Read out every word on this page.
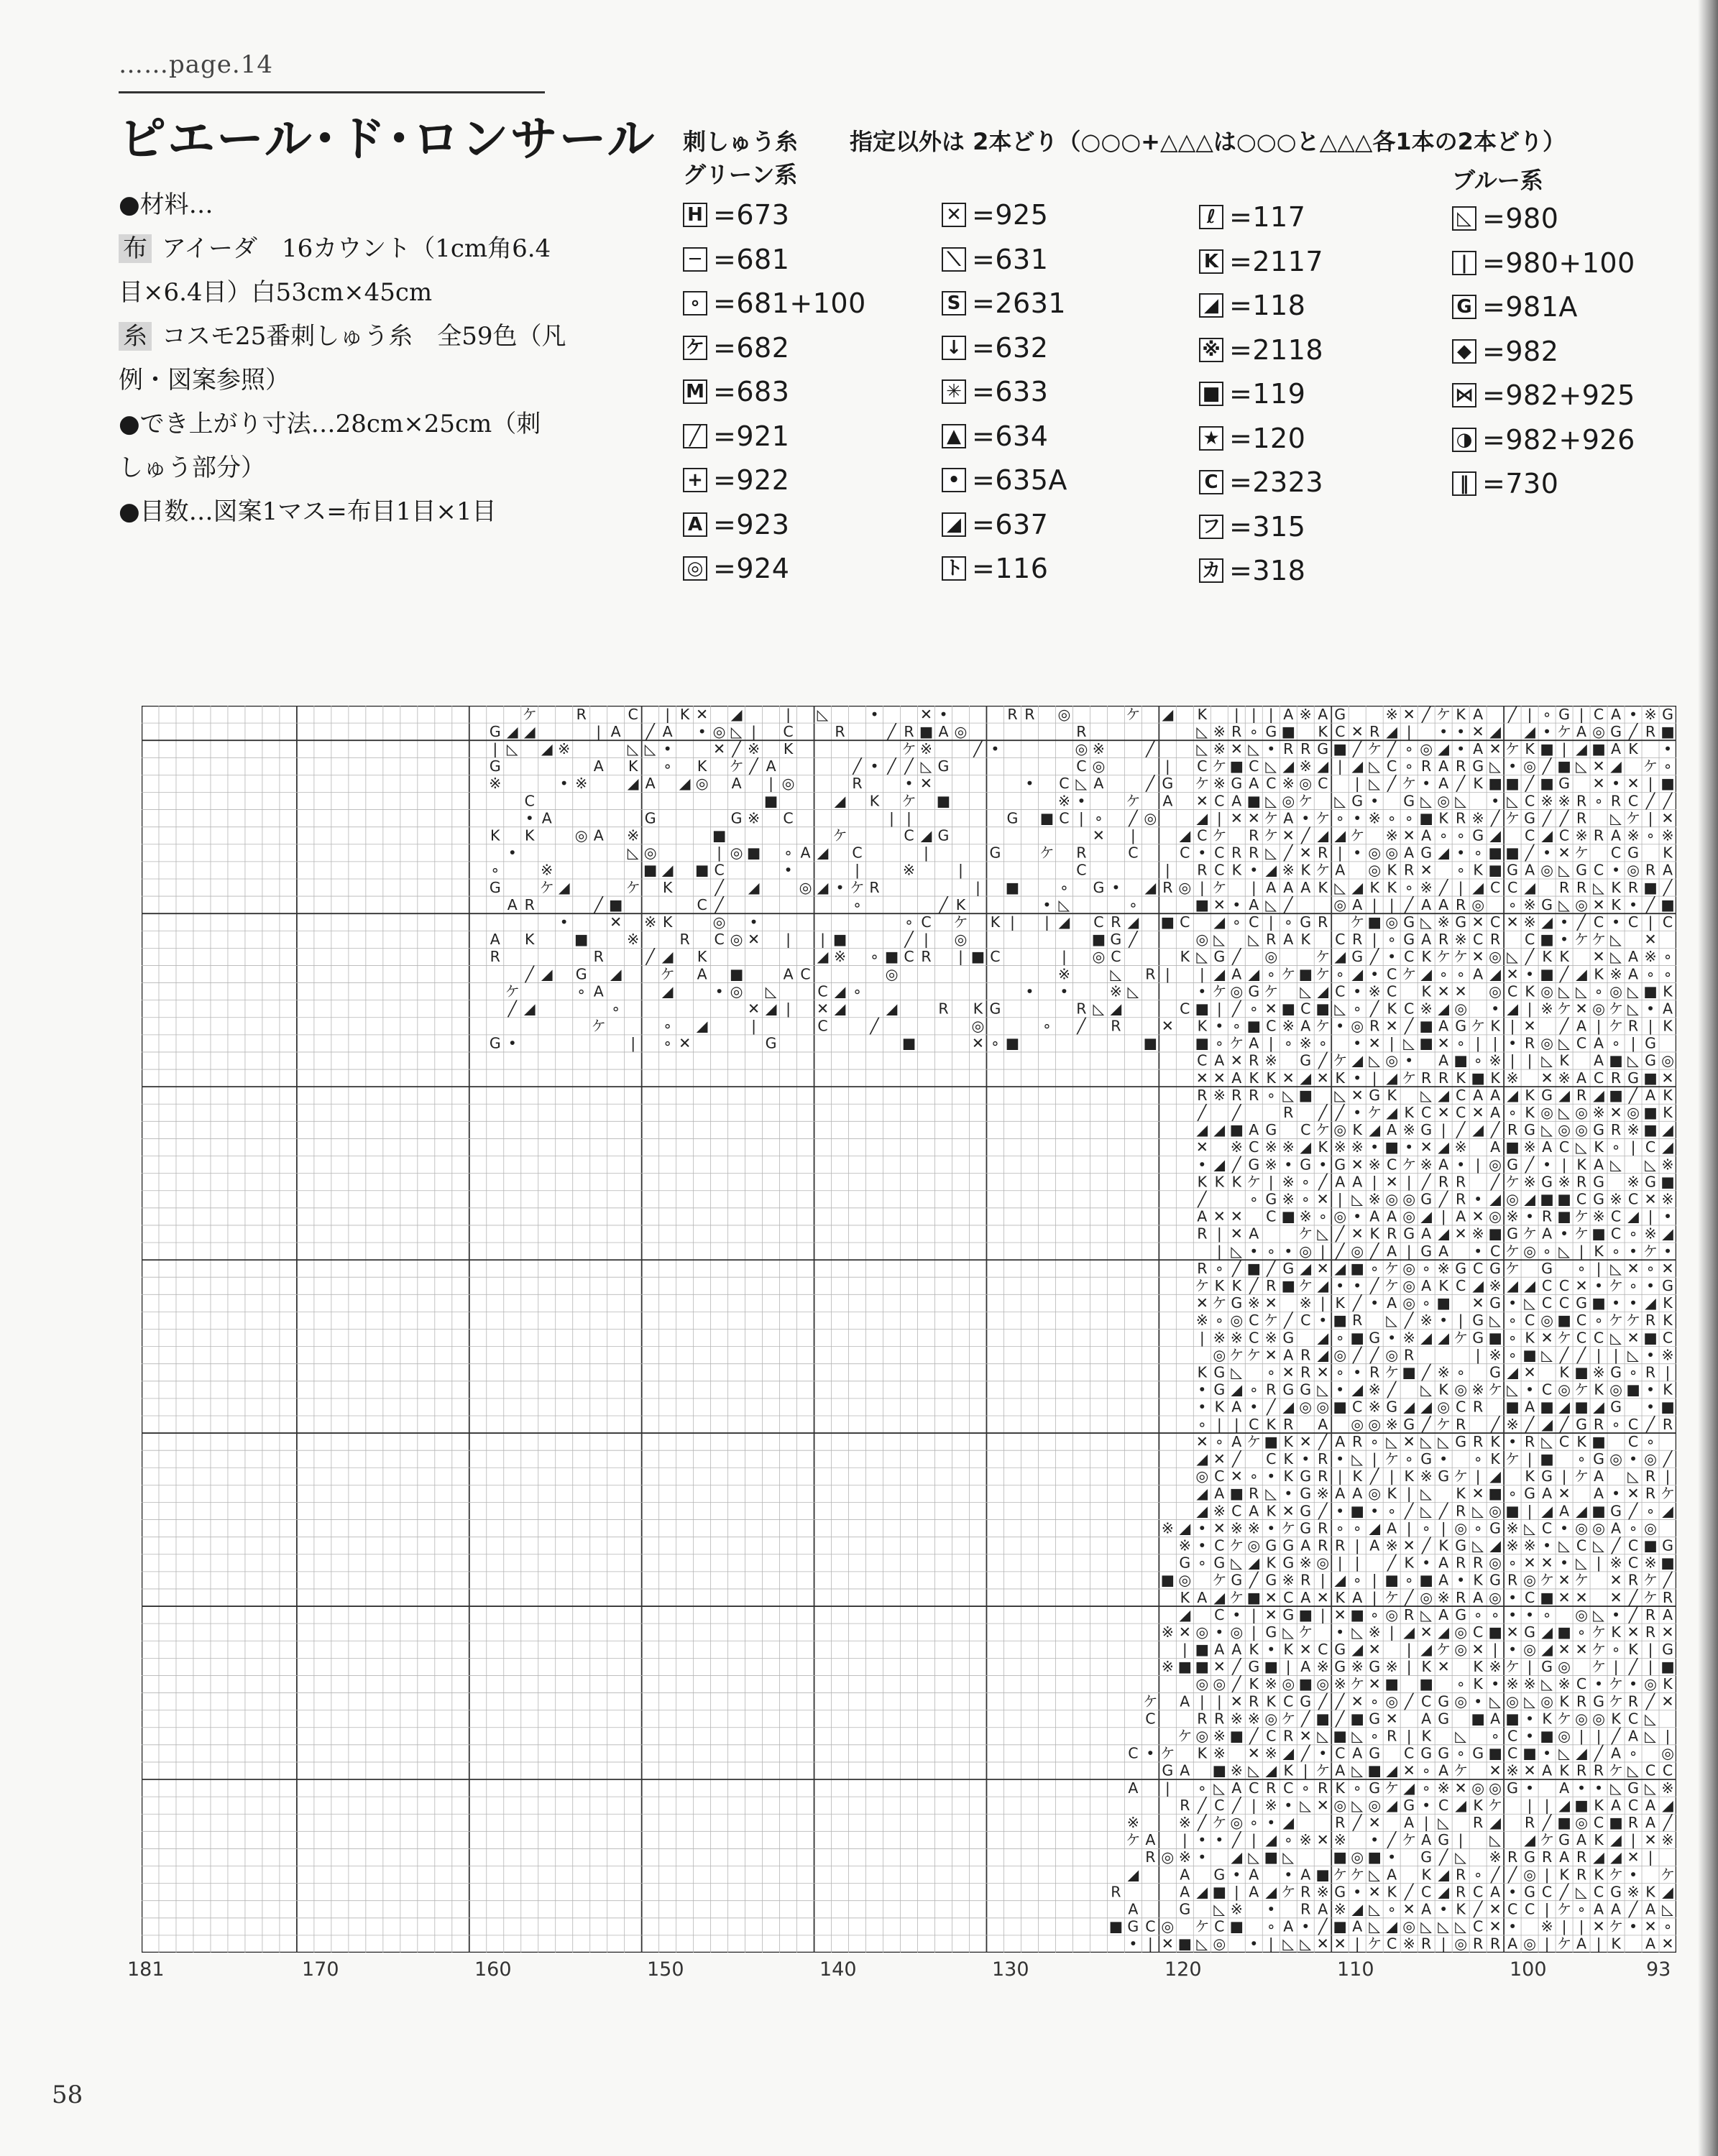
……page.14
ピエール･ド･ロンサール
●材料…
布 アイーダ　16カウント（1cm角6.4
目×6.4目）白53cm×45cm
糸 コスモ25番刺しゅう糸　全59色（凡
例・図案参照）
●でき上がり寸法…28cm×25cm（刺
しゅう部分）
●目数…図案1マス=布目1目×1目
刺しゅう糸 指定以外は 2本どり（○○○+△△△は○○○と△△△各1本の2本どり）
グリーン系	ブルー系
H =673
─ =681
∘ =681+100
ケ =682
M =683
╱ =921
+ =922
A =923
◎ =924
✕ =925
⟍ =631
S =2631
↓ =632
✳ =633
▲ =634
• =635A
◢ =637
ト =116
ℓ =117
K =2117
◢ =118
※ =2118
■ =119
★ =120
C =2323
フ =315
カ =318
◺ =980
| =980+100
G =981A
◆ =982
⋈ =982+925
◑ =982+926
‖ =730
ケ	R	C | K ✕ ◢	| ◺	•	✕ •	R R ◎	ケ ◢ K | | | A ※ A G	※ ✕ ╱ ケ K A ╱ | ∘ G | C A • ※ G
G ◢ ◢	| A ╱ A • ◎ ◺ | C	R	╱ R ■ A ◎	R	◺ ※ R ∘ G ■ K C ✕ R ◢ | • • ✕ ◢ ◢ • ケ A ◎ G ╱ R ■
| ◺ ◢ ※	◺ ◺ •	✕ ╱ ※ K	ケ ※	╱ •	◎ ※	╱	◺ ※ ✕ ◺ • R R G ■ ╱ ケ ╱ ∘ ◎ ◢ • A ✕ ケ K ■ | ◢ ■ A K •
G	A K ∘ K ケ ╱ A	╱ • ╱ ╱ ◺ G	C ◎	| C ケ ■ C ◺ ◢ ※ ◢ | ◢ ◺ C ∘ R A R G ◺ • ◎ ╱ ■ ◺ ✕ ◢ ケ ∘
※	• ※	◢ A ◢ ◎ A | ◎	R	• ✕	• C ◺ A	╱ G ケ ※ G A C ※ ◎ C | ◺ ╱ ケ • A ╱ K ■ ■ ╱ ■ G ✕ • ✕ | ■
C	■	◢ K ケ ■	※ •	ケ A ✕ C A ■ ◺ ◎ ケ ◺ G • G ◺ ◎ ◺ • ◺ C ※ ※ R ∘ R C ╱ ╱
• A	G	G ※ C	| |	G ■ C | ∘ ╱ ◎	◢ | ✕ ✕ ケ A • ケ ∘ • ※ ∘ ∘ ■ K R ※ ╱ ケ G ╱ ╱ R ◺ ケ | ✕
K K	◎ A ※	■	ケ	C ◢ G	✕ |	◢ C ケ R ケ ✕ ╱ ◢ ◢ ケ ※ ✕ A ∘ ∘ G ◢ C ◢ C ※ R A ※ ∘ ※
•	◺ ◎	| ◎ ■ ∘ A ◢ C	|	G	ケ R	C	C • C R R ◺ ╱ ✕ R | • ◎ ◎ A G ◢ • ∘ ■ ■ ╱ • ✕ ケ C G K
∘	※	■ ◢ ■ C	•	|	※	|	C	| R C K • ◢ ※ K ケ A ◎ K R ✕ ∘ K ■ G A ◎ ◺ G C • ◎ R A
G	ケ ◢	ケ K	╱ ◢	◎ ◢ • ケ R	| ■	∘ G • ◢ R ◎ | ケ | A A A K ◺ ◢ K K ∘ ※ ╱ | ◢ C C ◢ R R ◺ K R ■ ╱
A R	╱ ■	C ╱	∘	╱ K	• ◺	∘	■ ✕ • A ◺ ╱	◎ A | | ╱ A A R ◎ ∘ ※ G ◺ ◎ ✕ K • ╱ ■
•	✕ ※ K	◎ •	∘ C ケ K | | ◢ C R ◢ ■ C ◢ ∘ C | ∘ G R ケ ■ ◎ G ◺ ※ G ✕ C ✕ ※ ◢ • ╱ C • C | C
A K	■	※	R C ◎ ✕ | | ■	╱ | ◎	■ G ╱	◎ ◺ ◺ R A K C R | ∘ G A R ※ C R C ■ • ケ ケ ◺ ✕
R	R	╱ ◢ K	◢ ※ ∘ ■ C R | ■ C	| ◎ C	K ◺ G ╱ ◎	ケ ◢ G ╱ • C K ケ ケ ✕ ◎ ◺ ╱ K K ✕ ◺ A ※ ∘
╱ ◢ G ◢	ケ A ■	A C	◎	※	◺ R | | ◢ A ◢ ∘ ケ ■ ケ ∘ ◢ • C ケ ◢ ∘ ∘ A ◢ ✕ • ■ ╱ ◢ K ※ A ∘ ∘
ケ	∘ A	◢	• ◎ ◺	C ◢ ∘	• •	※ ◺	• ケ ◎ G ケ ◺ ◢ C • ※ C K ✕ ✕ ◎ C K ◎ ◺ ◺ ∘ ◎ ◺ ■ K
╱ ◢	∘	✕ ◢ | ✕ ◢	◢	R K G	R ◺ ◢	C ■ | ╱ ∘ ✕ ■ C ■ ◺ ∘ ╱ K C ※ ◢ ◎ • ◢ | ※ ケ ✕ ◎ ケ ◺ • A
ケ	∘ ◢	|	C	╱	◎	∘ ╱ R	✕ K • ∘ ■ C ※ A ケ • ◎ R ✕ ╱ ■ A G ケ K | ✕ ╱ A | ケ R | K
G •	| ∘ ✕	G	■	✕ ∘ ■	■	■ ∘ ケ A | ∘ ※ ∘ • ✕ | ◺ ■ ✕ ∘ | | • R ◎ ◺ C A ∘ | G
C A ✕ R ※ G ╱ ケ ◢ ◺ ◎ • A ■ ∘ ※ | | ◺ K A ■ ◺ G ◎
✕ ✕ A K K ✕ ◢ ✕ K • | ◢ ケ R R K ■ K ※ ✕ ※ A C R G ■ ✕
R ※ R R ∘ ◺ ■ ◺ ✕ G K ◺ ◢ C A A ◢ K G ◢ R ◢ ■ ╱ A K
╱ ╱	R ╱ ╱ • ケ ◢ K C ✕ C ✕ A ∘ K ◎ ◺ ◎ ※ ✕ ◎ ■ K
◢ ◢ ■ A G C ケ ◎ K ◢ A ※ G | ╱ ◢ ╱ R G ◺ ◎ ◎ G R ※ ■ ◢
✕ ※ C ※ ※ ◢ K ※ ※ • ■ • ✕ ◢ ※ A ■ ※ A C ◺ K ∘ | C ◢
• ◢ ╱ G ※ • G • G ✕ ※ C ケ ※ A • | ◎ G ╱ • | K A ◺ ◺ ※
K K K ケ | ※ ∘ ╱ A A | ✕ | ╱ R R ╱ ケ ※ G ※ R G ※ G ■
╱	∘ G ※ ∘ ✕ | ◺ ※ ◎ ◎ G ╱ R • ◢ ◎ ◢ ■ ■ C G ※ C ✕ ※
A ✕ ✕ C ■ ※ ∘ ◎ • A A ◎ ◢ | A ✕ ◎ ※ • R ■ ケ ※ C ◢ | •
R | ✕ A	ケ ◺ ╱ ✕ K R G A ◢ ✕ ※ ■ G ケ A • ケ ■ C ∘ ※ ◢
| ◺ • ∘ • ◎ | ╱ ◎ ╱ A | G A • C ケ ◎ ∘ ◺ | K ∘ • ケ •
R ∘ ╱ ■ ╱ G ◢ ✕ ◢ ■ ∘ ケ ◎ ∘ ※ G C G ケ G ∘ | ◺ ✕ ∘ ✕
ケ K K ╱ R ■ ケ ◢ • • ╱ ケ ◎ A K C ◢ ※ ◢ ◢ C C ✕ • ケ ∘ • G
✕ ケ G ※ ✕ ※ | K ╱ • A ◎ ∘ ■ ✕ G • ◺ C C G ■ • • ◢ K
※ ∘ ◎ C ケ ╱ C • ■ R ◺ ╱ ※ • | G ◺ ∘ C ◎ ■ C ∘ ケ ケ R K
| ※ ※ C ※ G ◢ ∘ ■ G • ※ ◢ ◢ ケ G ■ ∘ K ✕ ケ C C ◺ ✕ ■ C
◎ ケ ケ ✕ A R ◢ ◎ ╱ ╱ ◎ R	| ※ ∘ ■ ◺ ╱ ╱ | | ◺ • ※
K G ◺ ∘ ✕ R ✕ ∘ • R ケ ■ ╱ ※ ∘ G ◢ ✕ K ■ ※ G ∘ R |
• G ◢ ∘ R G G ◺ • ◢ ※ ╱ ◺ K ◎ ※ ケ ◺ • C ◎ ケ K ◎ ■ • K
• K A • ╱ ◢ ◎ ◎ ■ C ※ G ◢ ◢ ◎ C R ■ A ■ ◢ ■ ◢ G • ■
∘ | | C K R A ◎ ◎ ※ G ╱ ケ R ╱ ※ ╱ ◢ ╱ G R ∘ C ╱ R
✕ ∘ A ケ ■ K ✕ ╱ A R ∘ ◺ ✕ ◺ ◺ G R K • R ◺ C K ■ C ∘
◢ ✕ ╱ C K • R • ◺ | ケ ∘ G • ∘ K ケ | ■ ∘ G ◎ • ◎ ╱
◎ C ✕ ∘ • K G R | K ╱ | K ※ G ケ | ◢ K G | ケ A ◺ R |
◢ A ■ R ◺ • G ※ A A ◎ K | ◺ K ✕ ■ ∘ G A ✕ A • ✕ R ケ
◢ ※ C A K ✕ G ╱ • ■ • ∘ ╱ ◺ ╱ R ◺ ◎ ■ | ◢ A ◢ ■ G ╱ ∘ ◢
※ ◢ • ✕ ※ ※ • ケ G R ∘ ∘ ◢ A | ∘ | ◎ ∘ G ※ ◺ C • ◎ ◎ A ∘ ◎
※ • C ケ ◎ G G A R R | A ※ ✕ ╱ K G ◺ ◢ ※ ※ • ◺ C ◺ ╱ C ■ G
G ∘ G ◺ ◢ K G ※ ◎ | | ╱ K • A R R ◎ ∘ ✕ ✕ • ◺ | ※ C ※ ■
■ ◎ ケ G ╱ G ※ R | ◢ ∘ | ■ ∘ ■ A • K G R ◎ ケ ✕ ケ ✕ R ケ ╱
K A ◢ ケ ■ ✕ C A ✕ K A | ケ ╱ ◎ ※ R A ◎ • C ■ ✕ ✕ ✕ ╱ ケ R
◢ C • | ✕ G ■ | ✕ ■ ∘ ◎ R ◺ A G ∘ ∘ • • ∘ ◎ ◺ • ╱ R A
※ ✕ ◎ • ◎ | G ◺ ケ • ◺ ※ | ◢ ✕ ◢ ◎ C ■ ✕ G ◢ ■ ∘ ケ K ✕ R ✕
| ■ A A K • K ✕ C G ◢ ✕ | ◢ ケ ◎ ✕ | • ◎ ◢ ✕ ✕ ケ ∘ K | G
※ ■ ■ ✕ ╱ G ■ | A ※ G ※ G ※ | K ✕ K ※ ケ | G ◎ ケ | ╱ | ■
◎ ◎ ╱ K ※ ◎ ■ ◎ ※ ケ ✕ ■ ■ ∘ K • ※ ※ ◺ ※ C • ケ • ◎ K
ケ A | | ✕ R K C G ╱ ╱ ✕ ∘ ◎ ╱ C G ◎ • ◺ ◎ ◺ ◎ K R G ケ R ╱ ✕
C	R R ※ ※ ◎ ケ ╱ ■ ╱ ■ G ✕ A G ■ A ■ • K ケ ◎ ◎ K C ◺
ケ ◎ ※ ■ ╱ C R ✕ ◺ ■ ◺ ∘ R | K ◺ ∘ C • ■ ◎ | | ╱ A ◺ |
C • ケ K ※ ✕ ※ ◢ ╱ • C A G C G G ∘ G ■ C ■ • ◺ ◢ ╱ A ∘ ◎
G A ■ ※ ◺ ◢ K | ケ A ◺ ■ ◢ ✕ ∘ A ケ ✕ ※ ✕ A K R R ケ ◺ C C
A | ∘ ◺ A C R C ∘ R K ∘ G ケ ◢ ∘ ※ ✕ ◎ ◎ G • A • • ◺ G ◺ ※
R ╱ C ╱ | ※ • ◺ ✕ ◎ ◺ ◎ ◢ G • C ◢ K ケ | | ◢ ■ K A C A ◢
※	※ ╱ ケ ◎ ∘ • ◢	R ╱ ✕ A | ◺ R ◢ R ╱ ■ ◎ C ■ R A ╱
ケ A | • • ╱ | ◢ ∘ ※ ✕ ※ • ╱ ケ A G | ◺ ◢ ケ G A K ◢ | ✕ ※
R ◎ ※ • ◢ ◺ ■ ◺	■ ◎ ■ • G ╱ ◺ ※ R G R A R ◢ ◢ ✕ |
◢	A G • A • A ■ ケ ケ ◺ A K ◢ R ∘ ╱ ╱ ◎ | K R K ケ • ケ
R	A ◢ ■ | A ◢ ケ R ※ G • ✕ K ╱ C ◢ R C A • G C ╱ ◺ C G ※ K ◢
A	G ◺ ※ • R A ※ ◢ ◺ ∘ ✕ A • K ╱ ✕ C C | ケ ∘ A A ╱ A ◺
■ G C ◎ ケ C ■ ∘ A • ╱ ■ A ◺ ◢ ◎ ◺ ◺ ◺ C ✕ • ※ | | ✕ ケ • ✕ ∘
• | ✕ ■ ◺ ◎ • | ◺ ◺ ✕ ✕ | ケ C ※ R | ◎ R R A ◎ | ケ A | K A ✕
181	170	160	150	140	130	120	110	100	93
58
